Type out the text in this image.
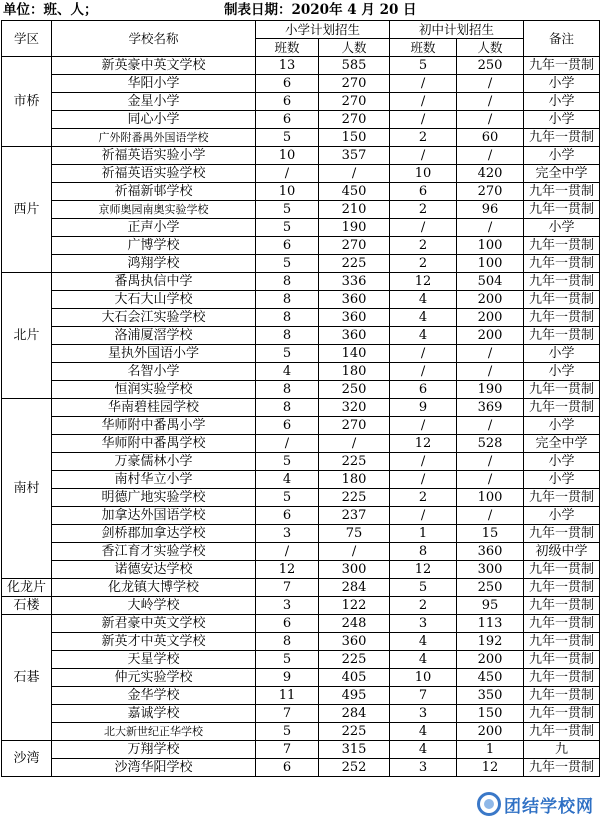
单位：班、人；	制表日期：2020年 4 月 20 日
学区	学校名称	小学计划招生		初中计划招生		备注
		班数	人数	班数	人数	
市桥	新英豪中英文学校	13	585	5	250	九年一贯制
	华阳小学	6	270	/	/	小学
	金星小学	6	270	/	/	小学
	同心小学	6	270	/	/	小学
	广外附番禺外国语学校	5	150	2	60	九年一贯制
西片	祈福英语实验小学	10	357	/	/	小学
	祈福英语实验学校	/	/	10	420	完全中学
	祈福新邨学校	10	450	6	270	九年一贯制
	京师奥园南奥实验学校	5	210	2	96	九年一贯制
	正声小学	5	190	/	/	小学
	广博学校	6	270	2	100	九年一贯制
	鸿翔学校	5	225	2	100	九年一贯制
北片	番禺执信中学	8	336	12	504	九年一贯制
	大石大山学校	8	360	4	200	九年一贯制
	大石会江实验学校	8	360	4	200	九年一贯制
	洛浦厦滘学校	8	360	4	200	九年一贯制
	星执外国语小学	5	140	/	/	小学
	名智小学	4	180	/	/	小学
	恒润实验学校	8	250	6	190	九年一贯制
南村	华南碧桂园学校	8	320	9	369	九年一贯制
	华师附中番禺小学	6	270	/	/	小学
	华师附中番禺学校	/	/	12	528	完全中学
	万豪儒林小学	5	225	/	/	小学
	南村华立小学	4	180	/	/	小学
	明德广地实验学校	5	225	2	100	九年一贯制
	加拿达外国语学校	6	237	/	/	小学
	剑桥郡加拿达学校	3	75	1	15	九年一贯制
	香江育才实验学校	/	/	8	360	初级中学
	诺德安达学校	12	300	12	300	九年一贯制
化龙片	化龙镇大博学校	7	284	5	250	九年一贯制
石楼	大岭学校	3	122	2	95	九年一贯制
石碁	新君豪中英文学校	6	248	3	113	九年一贯制
	新英才中英文学校	8	360	4	192	九年一贯制
	天星学校	5	225	4	200	九年一贯制
	仲元实验学校	9	405	10	450	九年一贯制
	金华学校	11	495	7	350	九年一贯制
	嘉诚学校	7	284	3	150	九年一贯制
	北大新世纪正华学校	5	225	4	200	九年一贯制
沙湾	万翔学校	7	315	4	1	九
	沙湾华阳学校	6	252	3	12	九年一贯制
团结学校网
